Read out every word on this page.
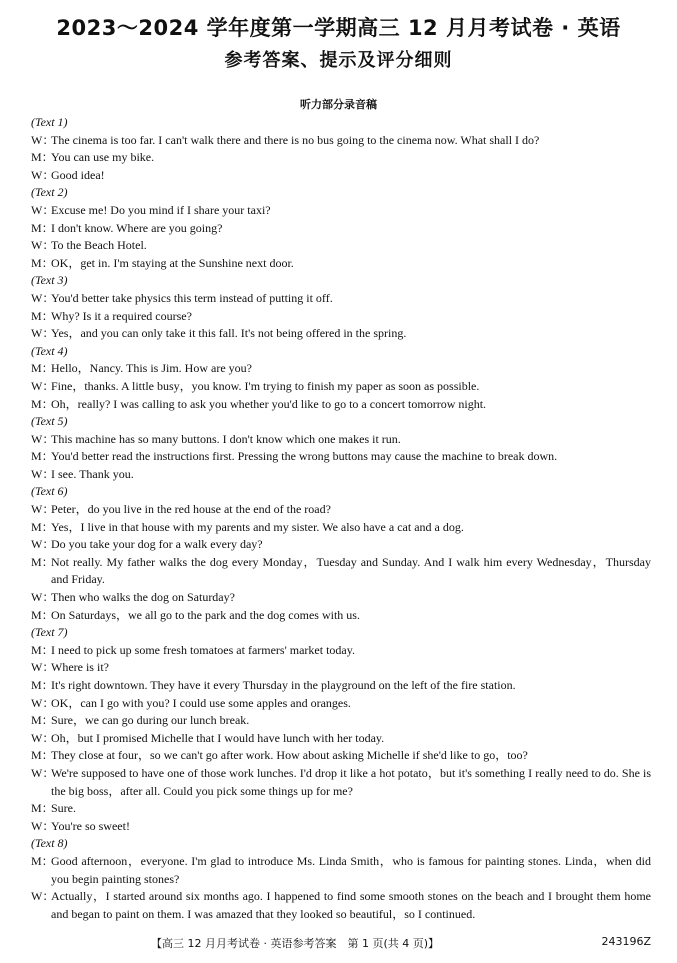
2023～2024 学年度第一学期高三 12 月月考试卷 · 英语
参考答案、提示及评分细则
听力部分录音稿
(Text 1)
W：
The cinema is too far. I can't walk there and there is no bus going to the cinema now. What shall I do?
M：
You can use my bike.
W：
Good idea!
(Text 2)
W：
Excuse me! Do you mind if I share your taxi?
M：
I don't know. Where are you going?
W：
To the Beach Hotel.
M：
OK，get in. I'm staying at the Sunshine next door.
(Text 3)
W：
You'd better take physics this term instead of putting it off.
M：
Why? Is it a required course?
W：
Yes，and you can only take it this fall. It's not being offered in the spring.
(Text 4)
M：
Hello，Nancy. This is Jim. How are you?
W：
Fine，thanks. A little busy，you know. I'm trying to finish my paper as soon as possible.
M：
Oh，really? I was calling to ask you whether you'd like to go to a concert tomorrow night.
(Text 5)
W：
This machine has so many buttons. I don't know which one makes it run.
M：
You'd better read the instructions first. Pressing the wrong buttons may cause the machine to break down.
W：
I see. Thank you.
(Text 6)
W：
Peter，do you live in the red house at the end of the road?
M：
Yes，I live in that house with my parents and my sister. We also have a cat and a dog.
W：
Do you take your dog for a walk every day?
M：
Not really. My father walks the dog every Monday，Tuesday and Sunday. And I walk him every Wednesday，Thursday and Friday.
W：
Then who walks the dog on Saturday?
M：
On Saturdays，we all go to the park and the dog comes with us.
(Text 7)
M：
I need to pick up some fresh tomatoes at farmers' market today.
W：
Where is it?
M：
It's right downtown. They have it every Thursday in the playground on the left of the fire station.
W：
OK，can I go with you? I could use some apples and oranges.
M：
Sure，we can go during our lunch break.
W：
Oh，but I promised Michelle that I would have lunch with her today.
M：
They close at four，so we can't go after work. How about asking Michelle if she'd like to go，too?
W：
We're supposed to have one of those work lunches. I'd drop it like a hot potato，but it's something I really need to do. She is the big boss，after all. Could you pick some things up for me?
M：
Sure.
W：
You're so sweet!
(Text 8)
M：
Good afternoon，everyone. I'm glad to introduce Ms. Linda Smith，who is famous for painting stones. Linda，when did you begin painting stones?
W：
Actually，I started around six months ago. I happened to find some smooth stones on the beach and I brought them home and began to paint on them. I was amazed that they looked so beautiful，so I continued.
【高三 12 月月考试卷 · 英语参考答案　第 1 页(共 4 页)】	243196Z
